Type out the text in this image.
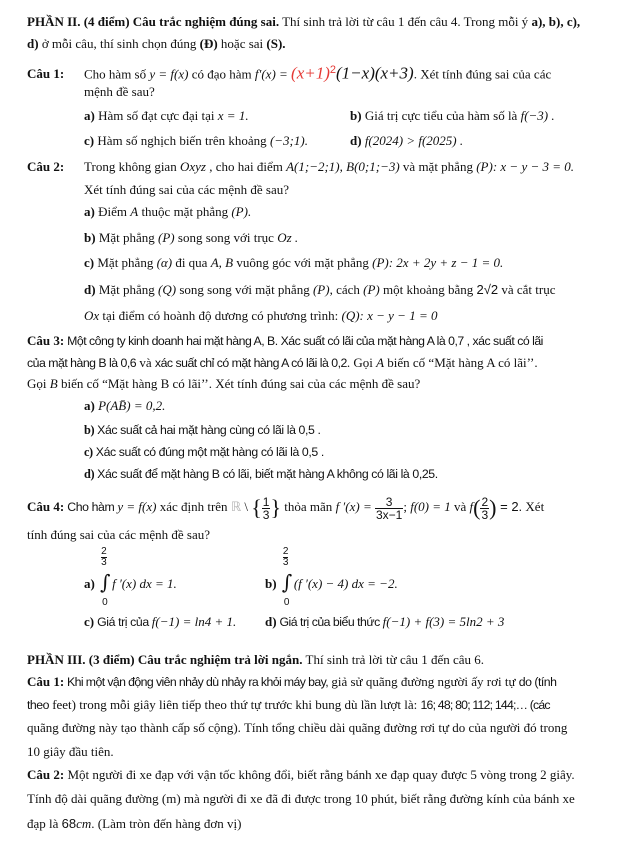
PHẦN II. (4 điểm) Câu trắc nghiệm đúng sai. Thí sinh trả lời từ câu 1 đến câu 4. Trong mỗi ý a), b), c),
d) ở mỗi câu, thí sinh chọn đúng (Đ) hoặc sai (S).
Câu 1: Cho hàm số y = f(x) có đạo hàm $f'(x) = (x+1)^2(1-x)(x+3)$. Xét tính đúng sai của các
mệnh đề sau?
a) Hàm số đạt cực đại tại x = 1.	b) Giá trị cực tiểu của hàm số là f(−3) .
c) Hàm số nghịch biến trên khoảng (−3;1).	d) f(2024) > f(2025) .
Câu 2: Trong không gian Oxyz , cho hai điểm A(1;−2;1), B(0;1;−3) và mặt phẳng (P): x − y − 3 = 0.
Xét tính đúng sai của các mệnh đề sau?
a) Điểm A thuộc mặt phẳng (P).
b) Mặt phẳng (P) song song với trục Oz .
c) Mặt phẳng (α) đi qua A, B vuông góc với mặt phẳng (P): 2x + 2y + z − 1 = 0.
d) Mặt phẳng (Q) song song với mặt phẳng (P), cách (P) một khoảng bằng 2√2 và cắt trục
Ox tại điểm có hoành độ dương có phương trình: (Q): x − y − 1 = 0
Câu 3: Một công ty kinh doanh hai mặt hàng A, B. Xác suất có lãi của mặt hàng A là 0,7 , xác suất có lãi
của mặt hàng B là 0,6 và xác suất chỉ có mặt hàng A có lãi là 0,2. Gọi A biến cố “Mặt hàng A có lãi’’.
Gọi B biến cố “Mặt hàng B có lãi’’. Xét tính đúng sai của các mệnh đề sau?
a) P(AB̄) = 0,2.
b) Xác suất cả hai mặt hàng cùng có lãi là 0,5 .
c) Xác suất có đúng một mặt hàng có lãi là 0,5 .
d) Xác suất để mặt hàng B có lãi, biết mặt hàng A không có lãi là 0,25.
Câu 4: Cho hàm y = f(x) xác định trên ℝ \ { $\frac{1}{3}$ } thỏa mãn f $'(x) = \frac{3}{3x-1}$ ; f(0) = 1 và $f( \frac{2}{3}$ ) = 2. Xét
tính đúng sai của các mệnh đề sau?
a) ∫
$\frac{2}{3}$
0
f ′(x) dx = 1.	b) ∫
$\frac{2}{3}$
0
(f ′(x) − 4) dx = −2.
c) Giá trị của f(−1) = ln4 + 1. d) Giá trị của biểu thức f(−1) + f(3) = 5ln2 + 3
PHẦN III. (3 điểm) Câu trắc nghiệm trả lời ngắn. Thí sinh trả lời từ câu 1 đến câu 6.
Câu 1: Khi một vận động viên nhảy dù nhảy ra khỏi máy bay, giả sử quãng đường người ấy rơi tự do (tính
theo feet) trong mỗi giây liên tiếp theo thứ tự trước khi bung dù lần lượt là: 16; 48; 80; 112; 144;… (các
quãng đường này tạo thành cấp số cộng). Tính tổng chiều dài quãng đường rơi tự do của người đó trong
10 giây đầu tiên.
Câu 2: Một người đi xe đạp với vận tốc không đổi, biết rằng bánh xe đạp quay được 5 vòng trong 2 giây.
Tính độ dài quãng đường (m) mà người đi xe đã đi được trong 10 phút, biết rằng đường kính của bánh xe
đạp là 68cm. (Làm tròn đến hàng đơn vị)
